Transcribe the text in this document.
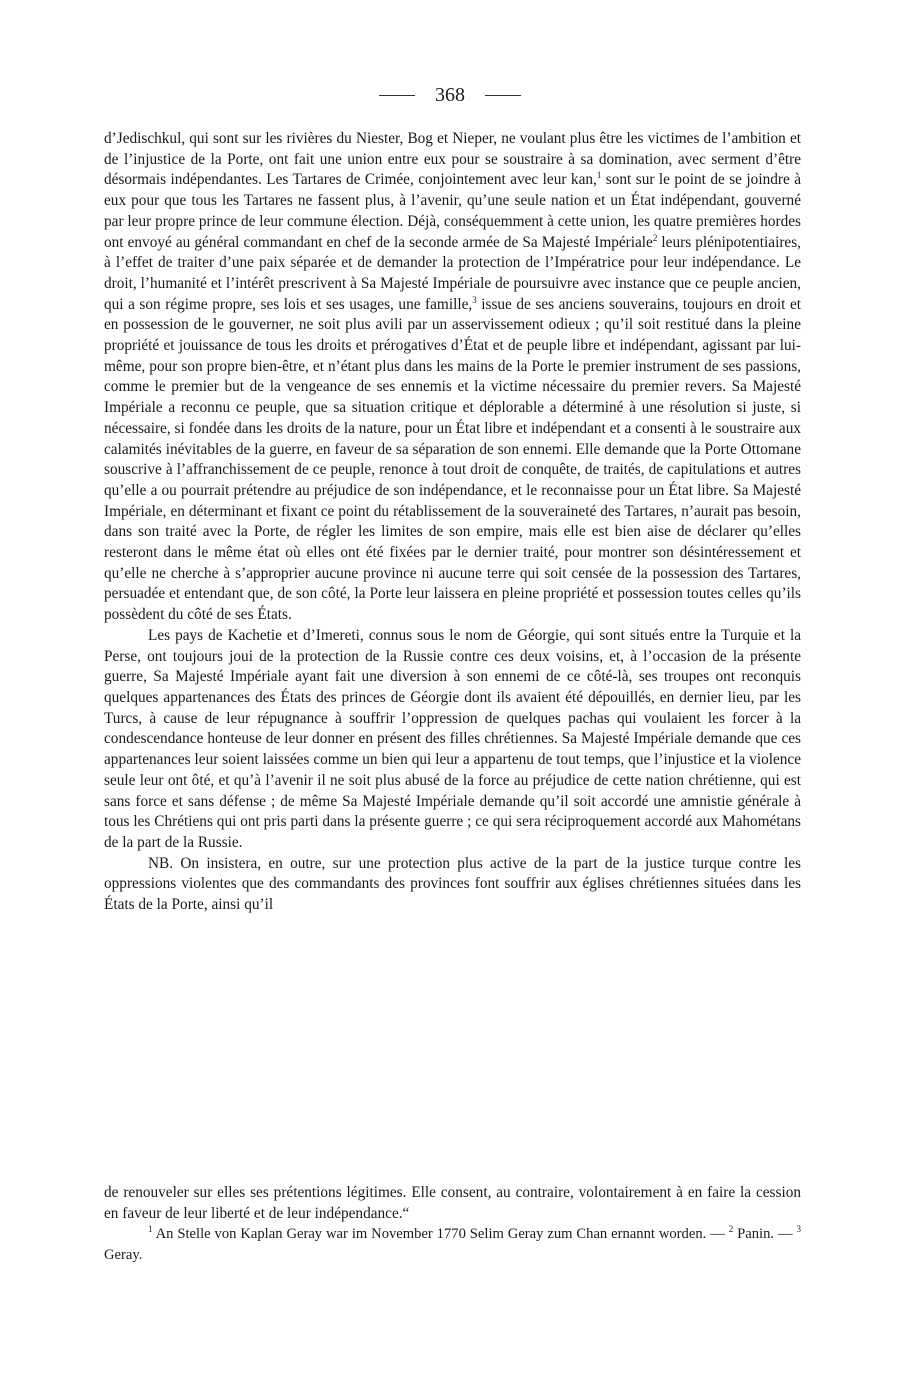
368

d’Jedischkul, qui sont sur les rivières du Niester, Bog et Nieper, ne voulant plus être les victimes de l’ambition et de l’injustice de la Porte, ont fait une union entre eux pour se soustraire à sa domination, avec serment d’être désormais indépendantes. Les Tartares de Crimée, conjointement avec leur kan,$^1$ sont sur le point de se joindre à eux pour que tous les Tartares ne fassent plus, à l’avenir, qu’une seule nation et un État indépendant, gouverné par leur propre prince de leur commune élection. Déjà, conséquemment à cette union, les quatre premières hordes ont envoyé au général commandant en chef de la seconde armée de Sa Majesté Impériale$^2$ leurs plénipotentiaires, à l’effet de traiter d’une paix séparée et de demander la protection de l’Impératrice pour leur indépendance. Le droit, l’humanité et l’intérêt prescrivent à Sa Majesté Impériale de poursuivre avec instance que ce peuple ancien, qui a son régime propre, ses lois et ses usages, une famille,$^3$ issue de ses anciens souverains, toujours en droit et en possession de le gouverner, ne soit plus avili par un asservissement odieux ; qu’il soit restitué dans la pleine propriété et jouissance de tous les droits et prérogatives d’État et de peuple libre et indépendant, agissant par lui-même, pour son propre bien-être, et n’étant plus dans les mains de la Porte le premier instrument de ses passions, comme le premier but de la vengeance de ses ennemis et la victime nécessaire du premier revers. Sa Majesté Impériale a reconnu ce peuple, que sa situation critique et déplorable a déterminé à une résolution si juste, si nécessaire, si fondée dans les droits de la nature, pour un État libre et indépendant et a consenti à le soustraire aux calamités inévitables de la guerre, en faveur de sa séparation de son ennemi. Elle demande que la Porte Ottomane souscrive à l’affranchissement de ce peuple, renonce à tout droit de conquête, de traités, de capitulations et autres qu’elle a ou pourrait prétendre au préjudice de son indépendance, et le reconnaisse pour un État libre. Sa Majesté Impériale, en déterminant et fixant ce point du rétablissement de la souveraineté des Tartares, n’aurait pas besoin, dans son traité avec la Porte, de régler les limites de son empire, mais elle est bien aise de déclarer qu’elles resteront dans le même état où elles ont été fixées par le dernier traité, pour montrer son désintéressement et qu’elle ne cherche à s’approprier aucune province ni aucune terre qui soit censée de la possession des Tartares, persuadée et entendant que, de son côté, la Porte leur laissera en pleine propriété et possession toutes celles qu’ils possèdent du côté de ses États.

Les pays de Kachetie et d’Imereti, connus sous le nom de Géorgie, qui sont situés entre la Turquie et la Perse, ont toujours joui de la protection de la Russie contre ces deux voisins, et, à l’occasion de la présente guerre, Sa Majesté Impériale ayant fait une diversion à son ennemi de ce côté-là, ses troupes ont reconquis quelques appartenances des États des princes de Géorgie dont ils avaient été dépouillés, en dernier lieu, par les Turcs, à cause de leur répugnance à souffrir l’oppression de quelques pachas qui voulaient les forcer à la condescendance honteuse de leur donner en présent des filles chrétiennes. Sa Majesté Impériale demande que ces appartenances leur soient laissées comme un bien qui leur a appartenu de tout temps, que l’injustice et la violence seule leur ont ôté, et qu’à l’avenir il ne soit plus abusé de la force au préjudice de cette nation chrétienne, qui est sans force et sans défense ; de même Sa Majesté Impériale demande qu’il soit accordé une amnistie générale à tous les Chrétiens qui ont pris parti dans la présente guerre ; ce qui sera réciproquement accordé aux Mahométans de la part de la Russie.

NB. On insistera, en outre, sur une protection plus active de la part de la justice turque contre les oppressions violentes que des commandants des provinces font souffrir aux églises chrétiennes situées dans les États de la Porte, ainsi qu’il

de renouveler sur elles ses prétentions légitimes. Elle consent, au contraire, volontairement à en faire la cession en faveur de leur liberté et de leur indépendance.“

$^1$ An Stelle von Kaplan Geray war im November 1770 Selim Geray zum Chan ernannt worden. — $^2$ Panin. — $^3$ Geray.
